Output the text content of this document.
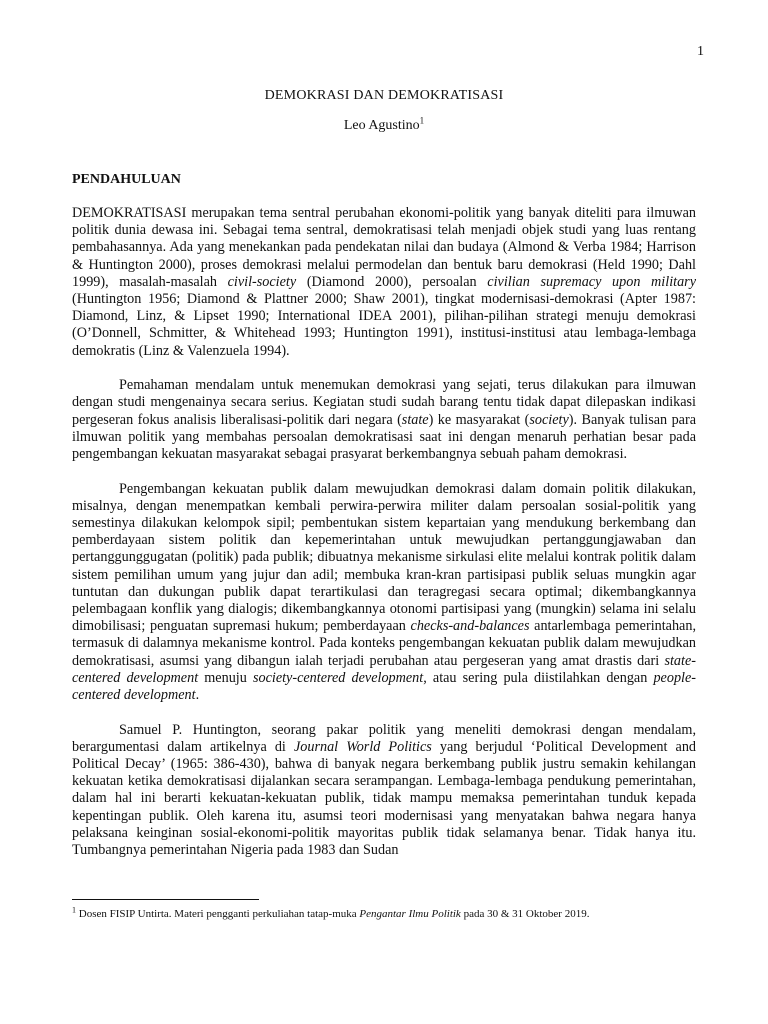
1
DEMOKRASI DAN DEMOKRATISASI
Leo Agustino$^1$
PENDAHULUAN

DEMOKRATISASI merupakan tema sentral perubahan ekonomi-politik yang banyak diteliti para ilmuwan politik dunia dewasa ini. Sebagai tema sentral, demokratisasi telah menjadi objek studi yang luas rentang pembahasannya. Ada yang menekankan pada pendekatan nilai dan budaya (Almond & Verba 1984; Harrison & Huntington 2000), proses demokrasi melalui permodelan dan bentuk baru demokrasi (Held 1990; Dahl 1999), masalah-masalah civil-society (Diamond 2000), persoalan civilian supremacy upon military (Huntington 1956; Diamond & Plattner 2000; Shaw 2001), tingkat modernisasi-demokrasi (Apter 1987: Diamond, Linz, & Lipset 1990; International IDEA 2001), pilihan-pilihan strategi menuju demokrasi (O’Donnell, Schmitter, & Whitehead 1993; Huntington 1991), institusi-institusi atau lembaga-lembaga demokratis (Linz & Valenzuela 1994).

Pemahaman mendalam untuk menemukan demokrasi yang sejati, terus dilakukan para ilmuwan dengan studi mengenainya secara serius. Kegiatan studi sudah barang tentu tidak dapat dilepaskan indikasi pergeseran fokus analisis liberalisasi-politik dari negara (state) ke masyarakat (society). Banyak tulisan para ilmuwan politik yang membahas persoalan demokratisasi saat ini dengan menaruh perhatian besar pada pengembangan kekuatan masyarakat sebagai prasyarat berkembangnya sebuah paham demokrasi.

Pengembangan kekuatan publik dalam mewujudkan demokrasi dalam domain politik dilakukan, misalnya, dengan menempatkan kembali perwira-perwira militer dalam persoalan sosial-politik yang semestinya dilakukan kelompok sipil; pembentukan sistem kepartaian yang mendukung berkembang dan pemberdayaan sistem politik dan kepemerintahan untuk mewujudkan pertanggungjawaban dan pertanggunggugatan (politik) pada publik; dibuatnya mekanisme sirkulasi elite melalui kontrak politik dalam sistem pemilihan umum yang jujur dan adil; membuka kran-kran partisipasi publik seluas mungkin agar tuntutan dan dukungan publik dapat terartikulasi dan teragregasi secara optimal; dikembangkannya pelembagaan konflik yang dialogis; dikembangkannya otonomi partisipasi yang (mungkin) selama ini selalu dimobilisasi; penguatan supremasi hukum; pemberdayaan checks-and-balances antarlembaga pemerintahan, termasuk di dalamnya mekanisme kontrol. Pada konteks pengembangan kekuatan publik dalam mewujudkan demokratisasi, asumsi yang dibangun ialah terjadi perubahan atau pergeseran yang amat drastis dari state-centered development menuju society-centered development, atau sering pula diistilahkan dengan people-centered development.

Samuel P. Huntington, seorang pakar politik yang meneliti demokrasi dengan mendalam, berargumentasi dalam artikelnya di Journal World Politics yang berjudul ‘Political Development and Political Decay’ (1965: 386-430), bahwa di banyak negara berkembang publik justru semakin kehilangan kekuatan ketika demokratisasi dijalankan secara serampangan. Lembaga-lembaga pendukung pemerintahan, dalam hal ini berarti kekuatan-kekuatan publik, tidak mampu memaksa pemerintahan tunduk kepada kepentingan publik. Oleh karena itu, asumsi teori modernisasi yang menyatakan bahwa negara hanya pelaksana keinginan sosial-ekonomi-politik mayoritas publik tidak selamanya benar. Tidak hanya itu. Tumbangnya pemerintahan Nigeria pada 1983 dan Sudan

$^1$ Dosen FISIP Untirta. Materi pengganti perkuliahan tatap-muka Pengantar Ilmu Politik pada 30 & 31 Oktober 2019.
